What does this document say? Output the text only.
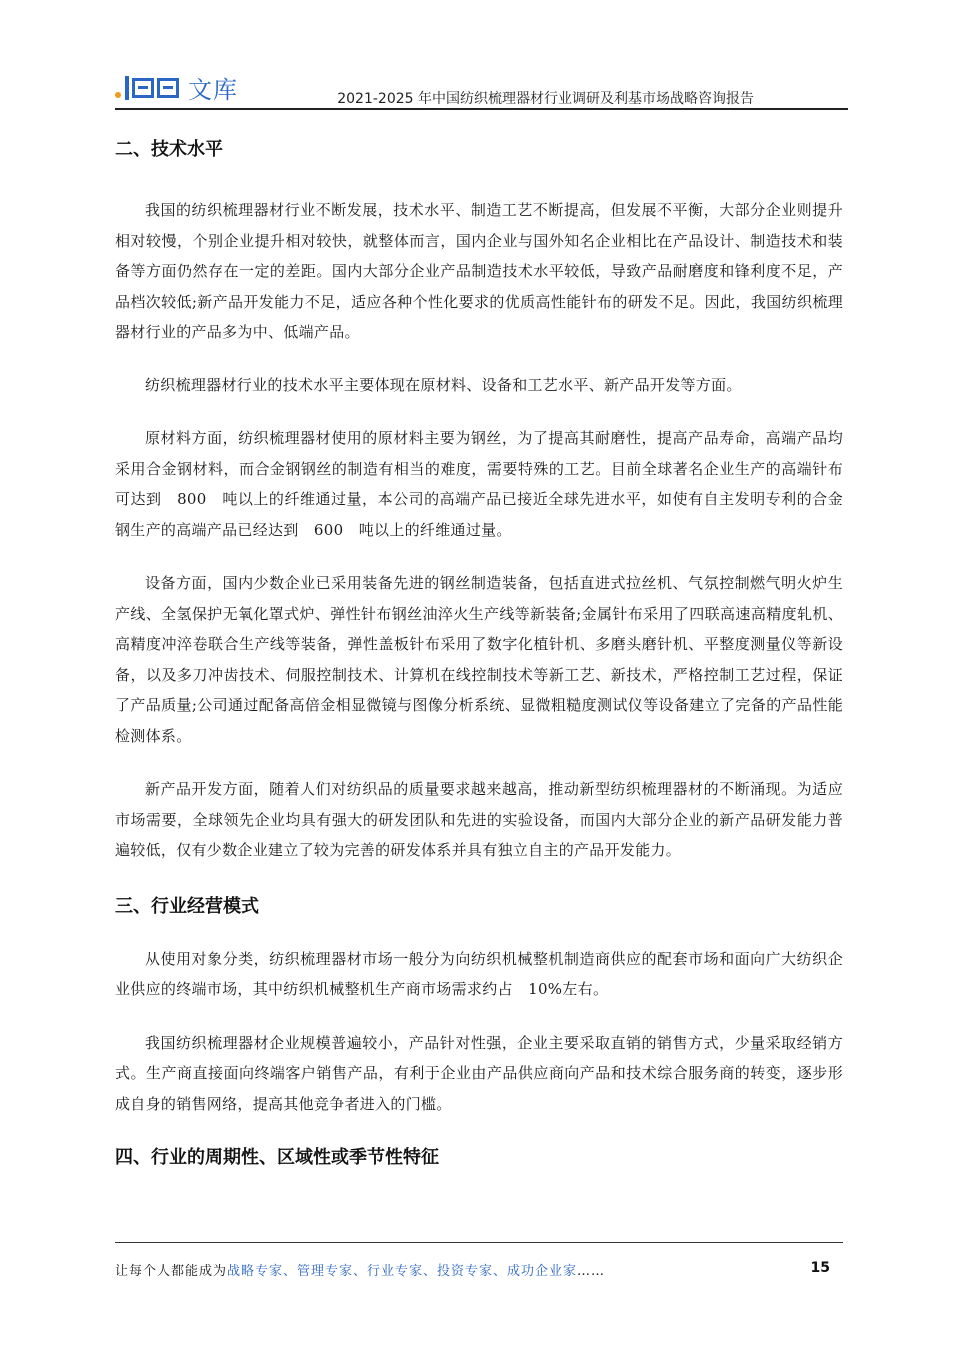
文库	2021-2025 年中国纺织梳理器材行业调研及利基市场战略咨询报告
二、技术水平

我国的纺织梳理器材行业不断发展，技术水平、制造工艺不断提高，但发展不平衡，大部分企业则提升相对较慢，个别企业提升相对较快，就整体而言，国内企业与国外知名企业相比在产品设计、制造技术和装备等方面仍然存在一定的差距。国内大部分企业产品制造技术水平较低，导致产品耐磨度和锋利度不足，产品档次较低;新产品开发能力不足，适应各种个性化要求的优质高性能针布的研发不足。因此，我国纺织梳理器材行业的产品多为中、低端产品。

纺织梳理器材行业的技术水平主要体现在原材料、设备和工艺水平、新产品开发等方面。

原材料方面，纺织梳理器材使用的原材料主要为钢丝，为了提高其耐磨性，提高产品寿命，高端产品均采用合金钢材料，而合金钢钢丝的制造有相当的难度，需要特殊的工艺。目前全球著名企业生产的高端针布可达到　800　吨以上的纤维通过量，本公司的高端产品已接近全球先进水平，如使有自主发明专利的合金钢生产的高端产品已经达到　600　吨以上的纤维通过量。

设备方面，国内少数企业已采用装备先进的钢丝制造装备，包括直进式拉丝机、气氛控制燃气明火炉生产线、全氢保护无氧化罩式炉、弹性针布钢丝油淬火生产线等新装备;金属针布采用了四联高速高精度轧机、高精度冲淬卷联合生产线等装备，弹性盖板针布采用了数字化植针机、多磨头磨针机、平整度测量仪等新设备，以及多刀冲齿技术、伺服控制技术、计算机在线控制技术等新工艺、新技术，严格控制工艺过程，保证了产品质量;公司通过配备高倍金相显微镜与图像分析系统、显微粗糙度测试仪等设备建立了完备的产品性能检测体系。

新产品开发方面，随着人们对纺织品的质量要求越来越高，推动新型纺织梳理器材的不断涌现。为适应市场需要，全球领先企业均具有强大的研发团队和先进的实验设备，而国内大部分企业的新产品研发能力普遍较低，仅有少数企业建立了较为完善的研发体系并具有独立自主的产品开发能力。

三、行业经营模式

从使用对象分类，纺织梳理器材市场一般分为向纺织机械整机制造商供应的配套市场和面向广大纺织企业供应的终端市场，其中纺织机械整机生产商市场需求约占　10%左右。

我国纺织梳理器材企业规模普遍较小，产品针对性强，企业主要采取直销的销售方式，少量采取经销方式。生产商直接面向终端客户销售产品，有利于企业由产品供应商向产品和技术综合服务商的转变，逐步形成自身的销售网络，提高其他竞争者进入的门槛。

四、行业的周期性、区域性或季节性特征
让每个人都能成为战略专家、管理专家、行业专家、投资专家、成功企业家……	15
